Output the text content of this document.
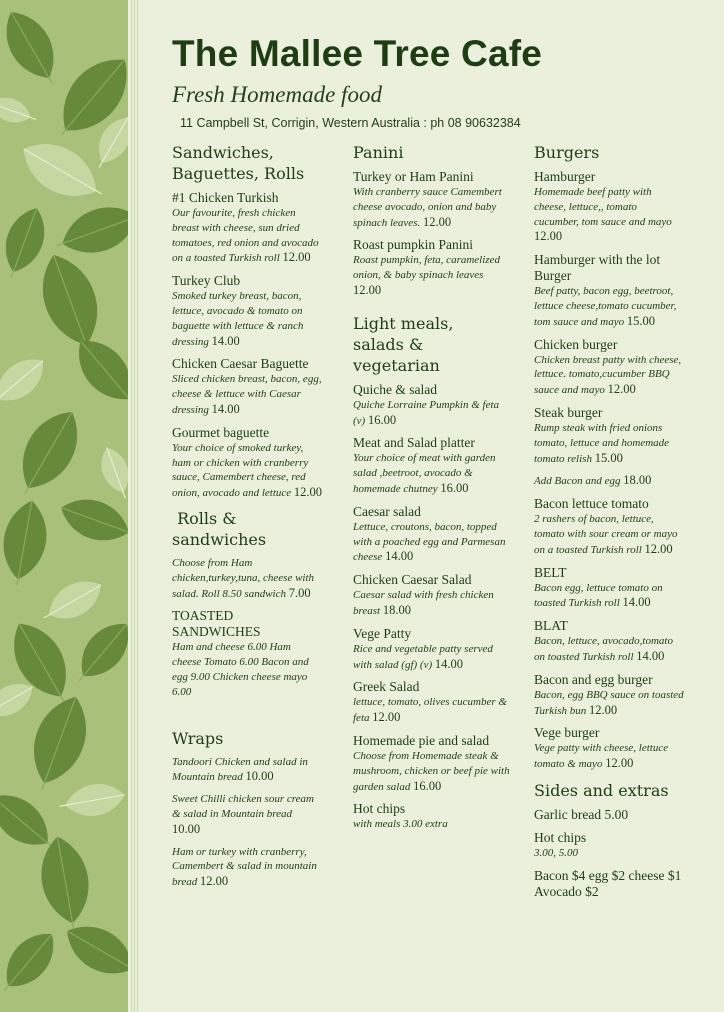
The Mallee Tree Cafe
Fresh Homemade food
11 Campbell St, Corrigin, Western Australia : ph 08 90632384
Sandwiches,
Baguettes, Rolls
#1 Chicken Turkish
Our favourite, fresh chicken breast with cheese, sun dried tomatoes, red onion and avocado on a toasted Turkish roll 12.00
Turkey Club
Smoked turkey breast, bacon, lettuce, avocado & tomato on baguette with lettuce & ranch dressing 14.00
Chicken Caesar Baguette
Sliced chicken breast, bacon, egg, cheese & lettuce with Caesar dressing 14.00
Gourmet baguette
Your choice of smoked turkey, ham or chicken with cranberry sauce, Camembert cheese, red onion, avocado and lettuce 12.00
Rolls &
sandwiches
Choose from Ham chicken,turkey,tuna, cheese with salad. Roll 8.50 sandwich 7.00
TOASTED SANDWICHES
Ham and cheese 6.00 Ham cheese Tomato 6.00 Bacon and egg 9.00 Chicken cheese mayo 6.00
Wraps
Tandoori Chicken and salad in Mountain bread 10.00
Sweet Chilli chicken sour cream & salad in Mountain bread 10.00
Ham or turkey with cranberry, Camembert & salad in mountain bread 12.00
Panini
Turkey or Ham Panini
With cranberry sauce Camembert cheese avocado, onion and baby spinach leaves. 12.00
Roast pumpkin Panini
Roast pumpkin, feta, caramelized onion, & baby spinach leaves 12.00
Light meals,
salads &
vegetarian
Quiche & salad
Quiche Lorraine Pumpkin & feta (v) 16.00
Meat and Salad platter
Your choice of meat with garden salad ,beetroot, avocado & homemade chutney 16.00
Caesar salad
Lettuce, croutons, bacon, topped with a poached egg and Parmesan cheese 14.00
Chicken Caesar Salad
Caesar salad with fresh chicken breast 18.00
Vege Patty
Rice and vegetable patty served with salad (gf) (v) 14.00
Greek Salad
lettuce, tomato, olives cucumber & feta 12.00
Homemade pie and salad
Choose from Homemade steak & mushroom, chicken or beef pie with garden salad 16.00
Hot chips
with meals 3.00 extra
Burgers
Hamburger
Homemade beef patty with cheese, lettuce,, tomato cucumber, tom sauce and mayo 12.00
Hamburger with the lot Burger
Beef patty, bacon egg, beetroot, lettuce cheese,tomato cucumber, tom sauce and mayo 15.00
Chicken burger
Chicken breast patty with cheese, lettuce. tomato,cucumber BBQ sauce and mayo 12.00
Steak burger
Rump steak with fried onions tomato, lettuce and homemade tomato relish 15.00
Add Bacon and egg 18.00
Bacon lettuce tomato
2 rashers of bacon, lettuce, tomato with sour cream or mayo on a toasted Turkish roll 12.00
BELT
Bacon egg, lettuce tomato on toasted Turkish roll 14.00
BLAT
Bacon, lettuce, avocado,tomato on toasted Turkish roll 14.00
Bacon and egg burger
Bacon, egg BBQ sauce on toasted Turkish bun 12.00
Vege burger
Vege patty with cheese, lettuce tomato & mayo 12.00
Sides and extras
Garlic bread 5.00
Hot chips
3.00, 5.00
Bacon $4 egg $2 cheese $1 Avocado $2
